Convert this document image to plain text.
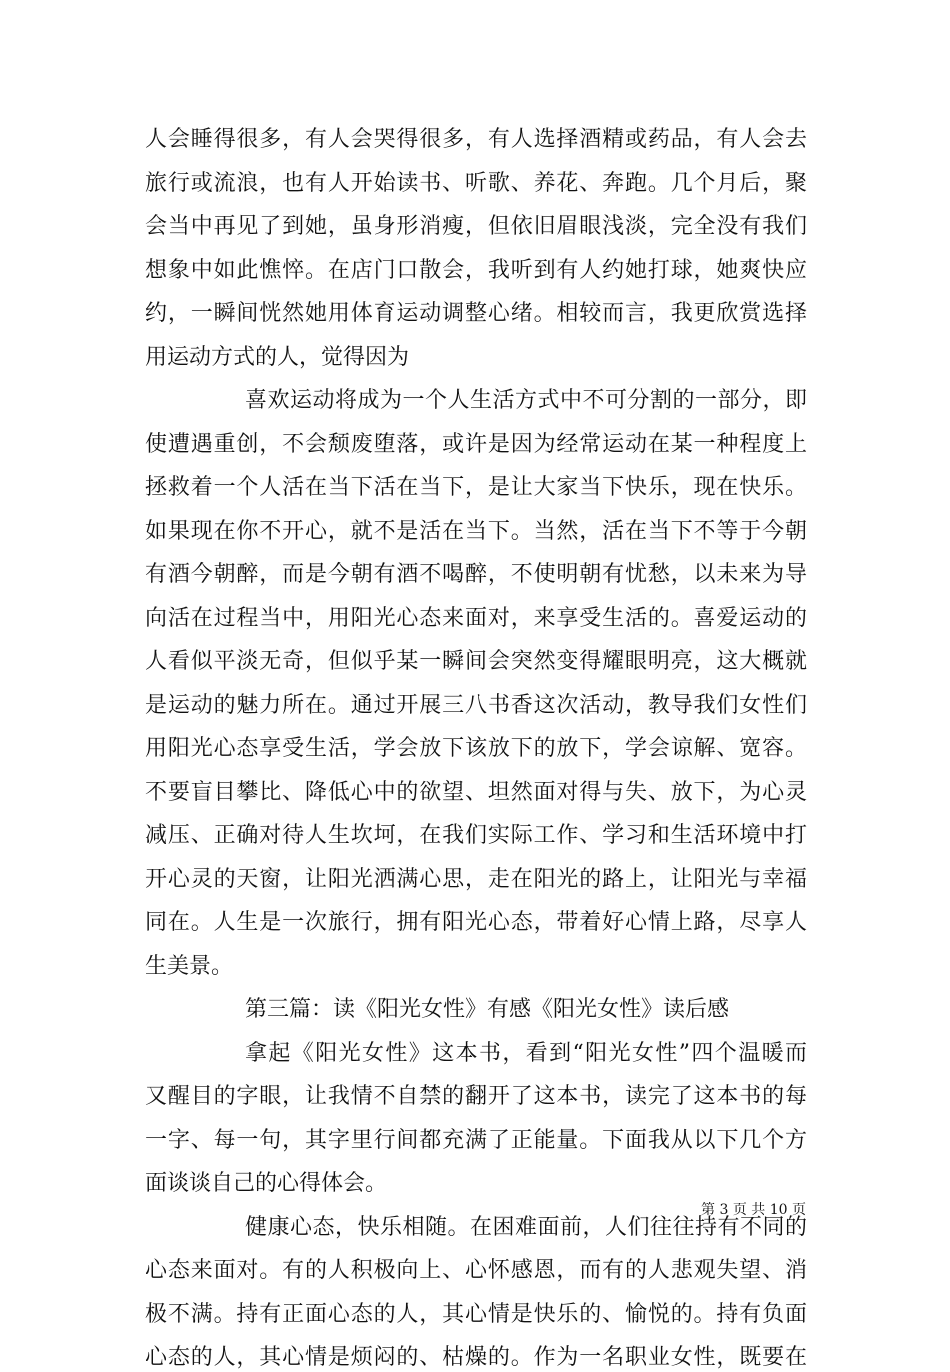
人会睡得很多，有人会哭得很多，有人选择酒精或药品，有人会去
旅行或流浪，也有人开始读书、听歌、养花、奔跑。几个月后，聚
会当中再见了到她，虽身形消瘦，但依旧眉眼浅淡，完全没有我们
想象中如此憔悴。在店门口散会，我听到有人约她打球，她爽快应
约，一瞬间恍然她用体育运动调整心绪。相较而言，我更欣赏选择
用运动方式的人，觉得因为
喜欢运动将成为一个人生活方式中不可分割的一部分，即
使遭遇重创，不会颓废堕落，或许是因为经常运动在某一种程度上
拯救着一个人活在当下活在当下，是让大家当下快乐，现在快乐。
如果现在你不开心，就不是活在当下。当然，活在当下不等于今朝
有酒今朝醉，而是今朝有酒不喝醉，不使明朝有忧愁，以未来为导
向活在过程当中，用阳光心态来面对，来享受生活的。喜爱运动的
人看似平淡无奇，但似乎某一瞬间会突然变得耀眼明亮，这大概就
是运动的魅力所在。通过开展三八书香这次活动，教导我们女性们
用阳光心态享受生活，学会放下该放下的放下，学会谅解、宽容。
不要盲目攀比、降低心中的欲望、坦然面对得与失、放下，为心灵
减压、正确对待人生坎坷，在我们实际工作、学习和生活环境中打
开心灵的天窗，让阳光洒满心思，走在阳光的路上，让阳光与幸福
同在。人生是一次旅行，拥有阳光心态，带着好心情上路，尽享人
生美景。
第三篇：读《阳光女性》有感《阳光女性》读后感
拿起《阳光女性》这本书，看到“阳光女性”四个温暖而
又醒目的字眼，让我情不自禁的翻开了这本书，读完了这本书的每
一字、每一句，其字里行间都充满了正能量。下面我从以下几个方
面谈谈自己的心得体会。
健康心态，快乐相随。在困难面前，人们往往持有不同的
心态来面对。有的人积极向上、心怀感恩，而有的人悲观失望、消
极不满。持有正面心态的人，其心情是快乐的、愉悦的。持有负面
心态的人，其心情是烦闷的、枯燥的。作为一名职业女性，既要在
第 3 页 共 10 页
